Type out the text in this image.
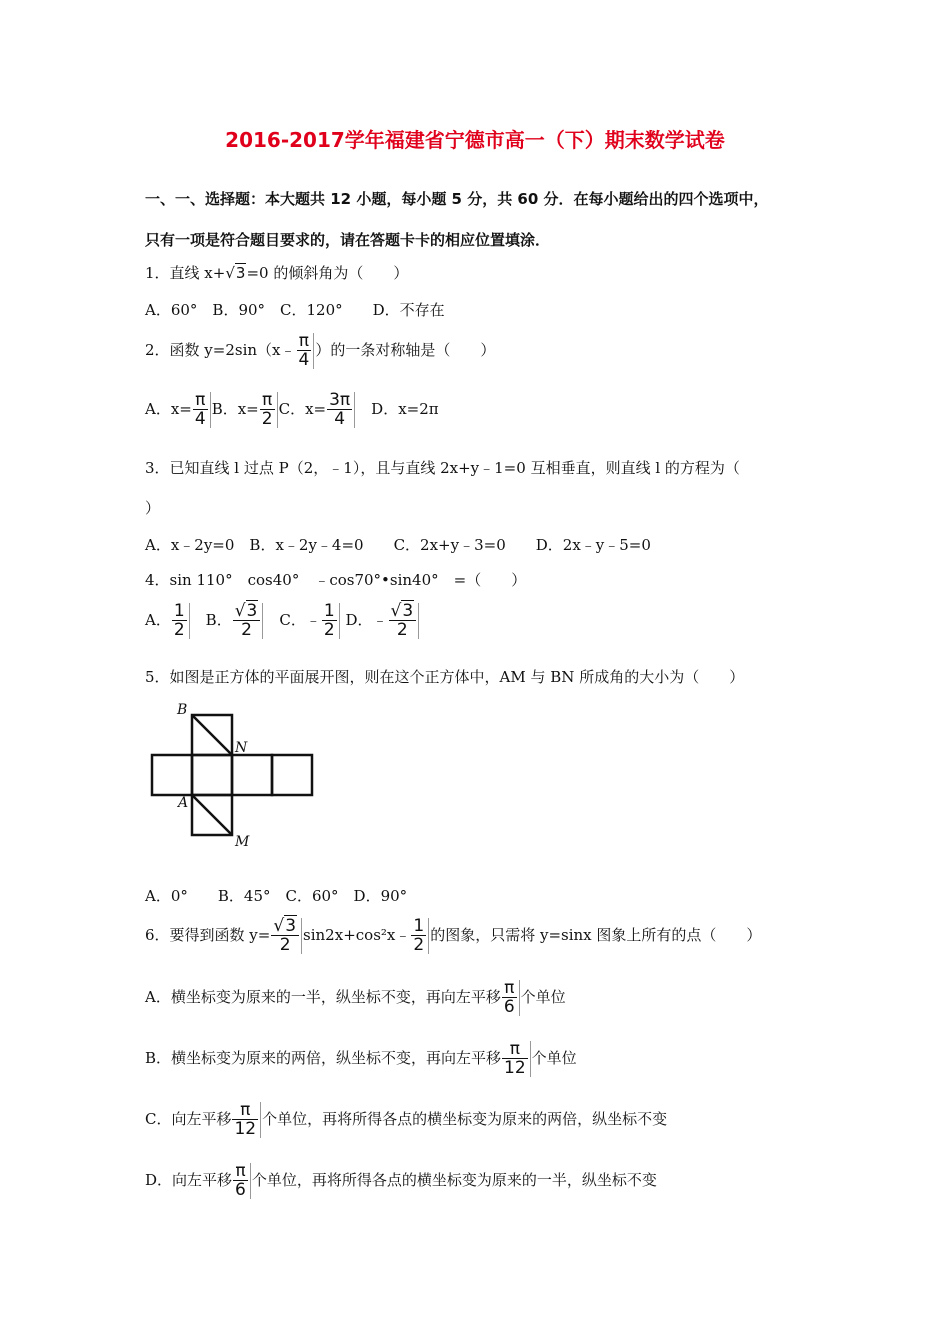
2016-2017学年福建省宁德市高一（下）期末数学试卷
一、一、选择题：本大题共 12 小题，每小题 5 分，共 60 分．在每小题给出的四个选项中，
只有一项是符合题目要求的，请在答题卡卡的相应位置填涂．
1．直线 x+√3=0 的倾斜角为（　　）
A．60°　B．90°　C．120°　　D．不存在
2．函数 y=2sin（x﹣ $\frac{\pi}{4}$ ）的一条对称轴是（　　）
A．$x= \frac{\pi}{4}$ B．$x= \frac{\pi}{2}$ C．$x= \frac{3\pi}{4}$ 　D．x=2π
3．已知直线 l 过点 P（2，﹣1），且与直线 2x+y﹣1=0 互相垂直，则直线 l 的方程为（
）
A．x﹣2y=0　B．x﹣2y﹣4=0　　C．2x+y﹣3=0　　D．2x﹣y﹣5=0
4．sin 110°　cos40°　﹣cos70°•sin40°　=（　　）
A． $\frac{1}{2}$ 　B． $\frac{√3}{2}$ 　C．﹣ $\frac{1}{2}$ D．﹣ $\frac{√3}{2}$
5．如图是正方体的平面展开图，则在这个正方体中，AM 与 BN 所成角的大小为（　　）
B
N
A
M
A．0°　　B．45°　C．60°　D．90°
6．要得到函数 $y= \frac{√3}{2}$ sin2x+cos²x﹣ $\frac{1}{2}$ 的图象，只需将 y=sinx 图象上所有的点（　　）
A．横坐标变为原来的一半，纵坐标不变，再向左平移 $\frac{\pi}{6}$ 个单位
B．横坐标变为原来的两倍，纵坐标不变，再向左平移 $\frac{\pi}{12}$ 个单位
C．向左平移 $\frac{\pi}{12}$ 个单位，再将所得各点的横坐标变为原来的两倍，纵坐标不变
D．向左平移 $\frac{\pi}{6}$ 个单位，再将所得各点的横坐标变为原来的一半，纵坐标不变
